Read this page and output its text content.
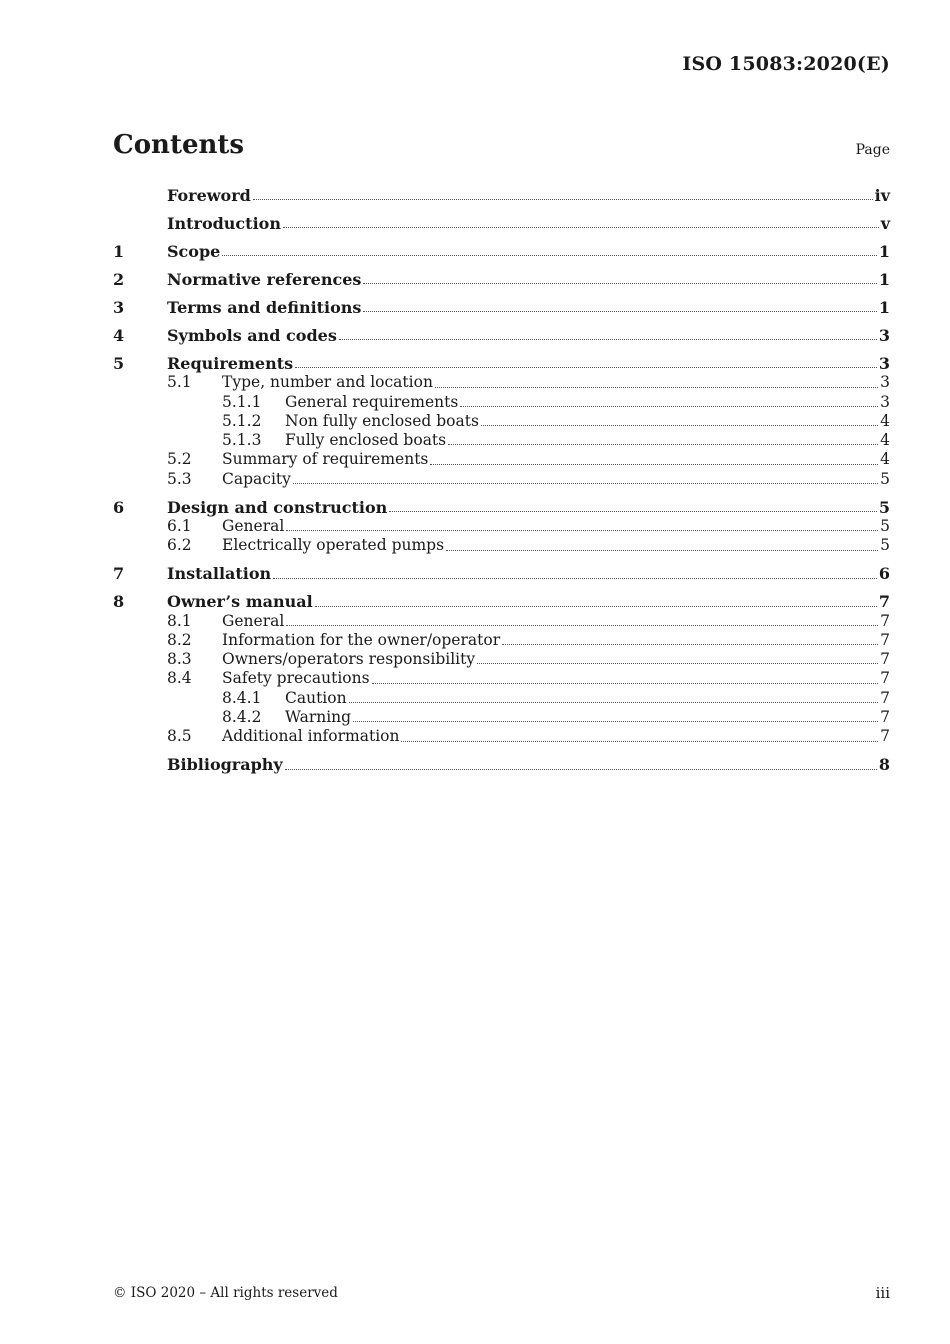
ISO 15083:2020(E)
Contents	Page
Foreword	iv
Introduction	v
1	Scope	1
2	Normative references	1
3	Terms and definitions	1
4	Symbols and codes	3
5	Requirements	3
5.1	Type, number and location	3
5.1.1	General requirements	3
5.1.2	Non fully enclosed boats	4
5.1.3	Fully enclosed boats	4
5.2	Summary of requirements	4
5.3	Capacity	5
6	Design and construction	5
6.1	General	5
6.2	Electrically operated pumps	5
7	Installation	6
8	Owner’s manual	7
8.1	General	7
8.2	Information for the owner/operator	7
8.3	Owners/operators responsibility	7
8.4	Safety precautions	7
8.4.1	Caution	7
8.4.2	Warning	7
8.5	Additional information	7
Bibliography	8
© ISO 2020 – All rights reserved	iii
